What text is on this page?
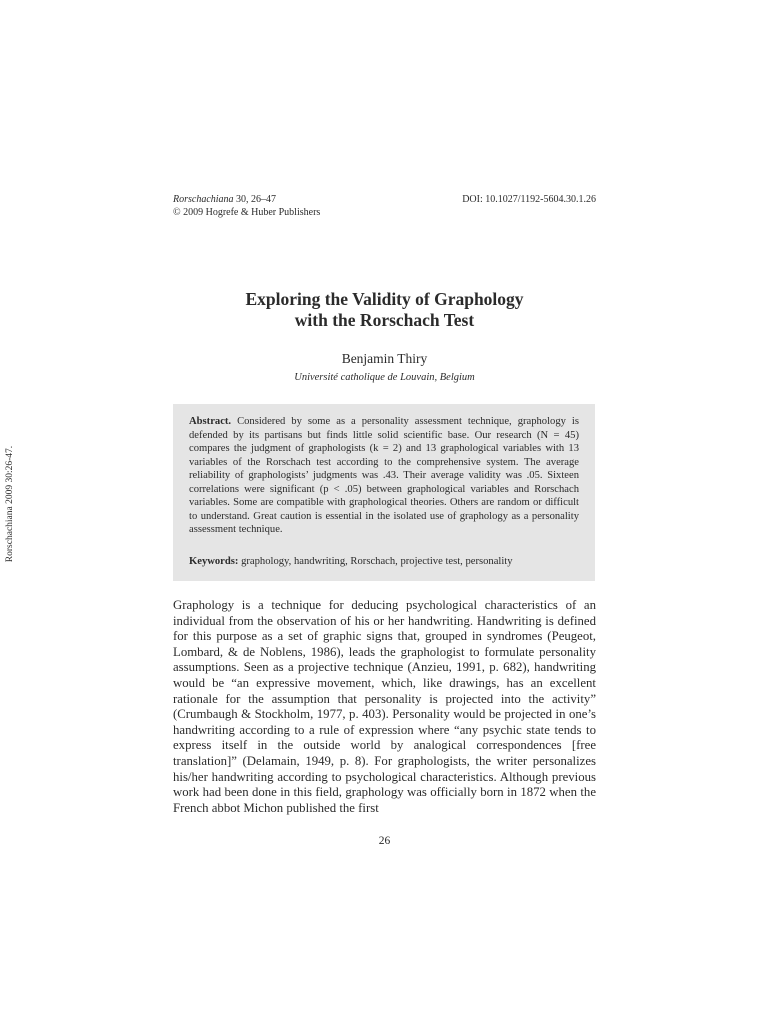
Rorschachiana 2009 30:26-47.
Rorschachiana 30, 26–47
© 2009 Hogrefe & Huber Publishers
DOI: 10.1027/1192-5604.30.1.26
Exploring the Validity of Graphology
with the Rorschach Test
Benjamin Thiry
Université catholique de Louvain, Belgium
Abstract. Considered by some as a personality assessment technique, graphology is defended by its partisans but finds little solid scientific base. Our research (N = 45) compares the judgment of graphologists (k = 2) and 13 graphological variables with 13 variables of the Rorschach test according to the comprehensive system. The average reliability of graphologists’ judgments was .43. Their average validity was .05. Sixteen correlations were significant (p < .05) between graphological variables and Rorschach variables. Some are compatible with graphological theories. Others are random or difficult to understand. Great caution is essential in the isolated use of graphology as a personality assessment technique.
Keywords: graphology, handwriting, Rorschach, projective test, personality
Graphology is a technique for deducing psychological characteristics of an individual from the observation of his or her handwriting. Handwriting is defined for this purpose as a set of graphic signs that, grouped in syndromes (Peugeot, Lombard, & de Noblens, 1986), leads the graphologist to formulate personality assumptions. Seen as a projective technique (Anzieu, 1991, p. 682), handwriting would be “an expressive movement, which, like drawings, has an excellent rationale for the assumption that personality is projected into the activity” (Crumbaugh & Stockholm, 1977, p. 403). Personality would be projected in one’s handwriting according to a rule of expression where “any psychic state tends to express itself in the outside world by analogical correspondences [free translation]” (Delamain, 1949, p. 8). For graphologists, the writer personalizes his/her handwriting according to psychological characteristics. Although previous work had been done in this field, graphology was officially born in 1872 when the French abbot Michon published the first
26
